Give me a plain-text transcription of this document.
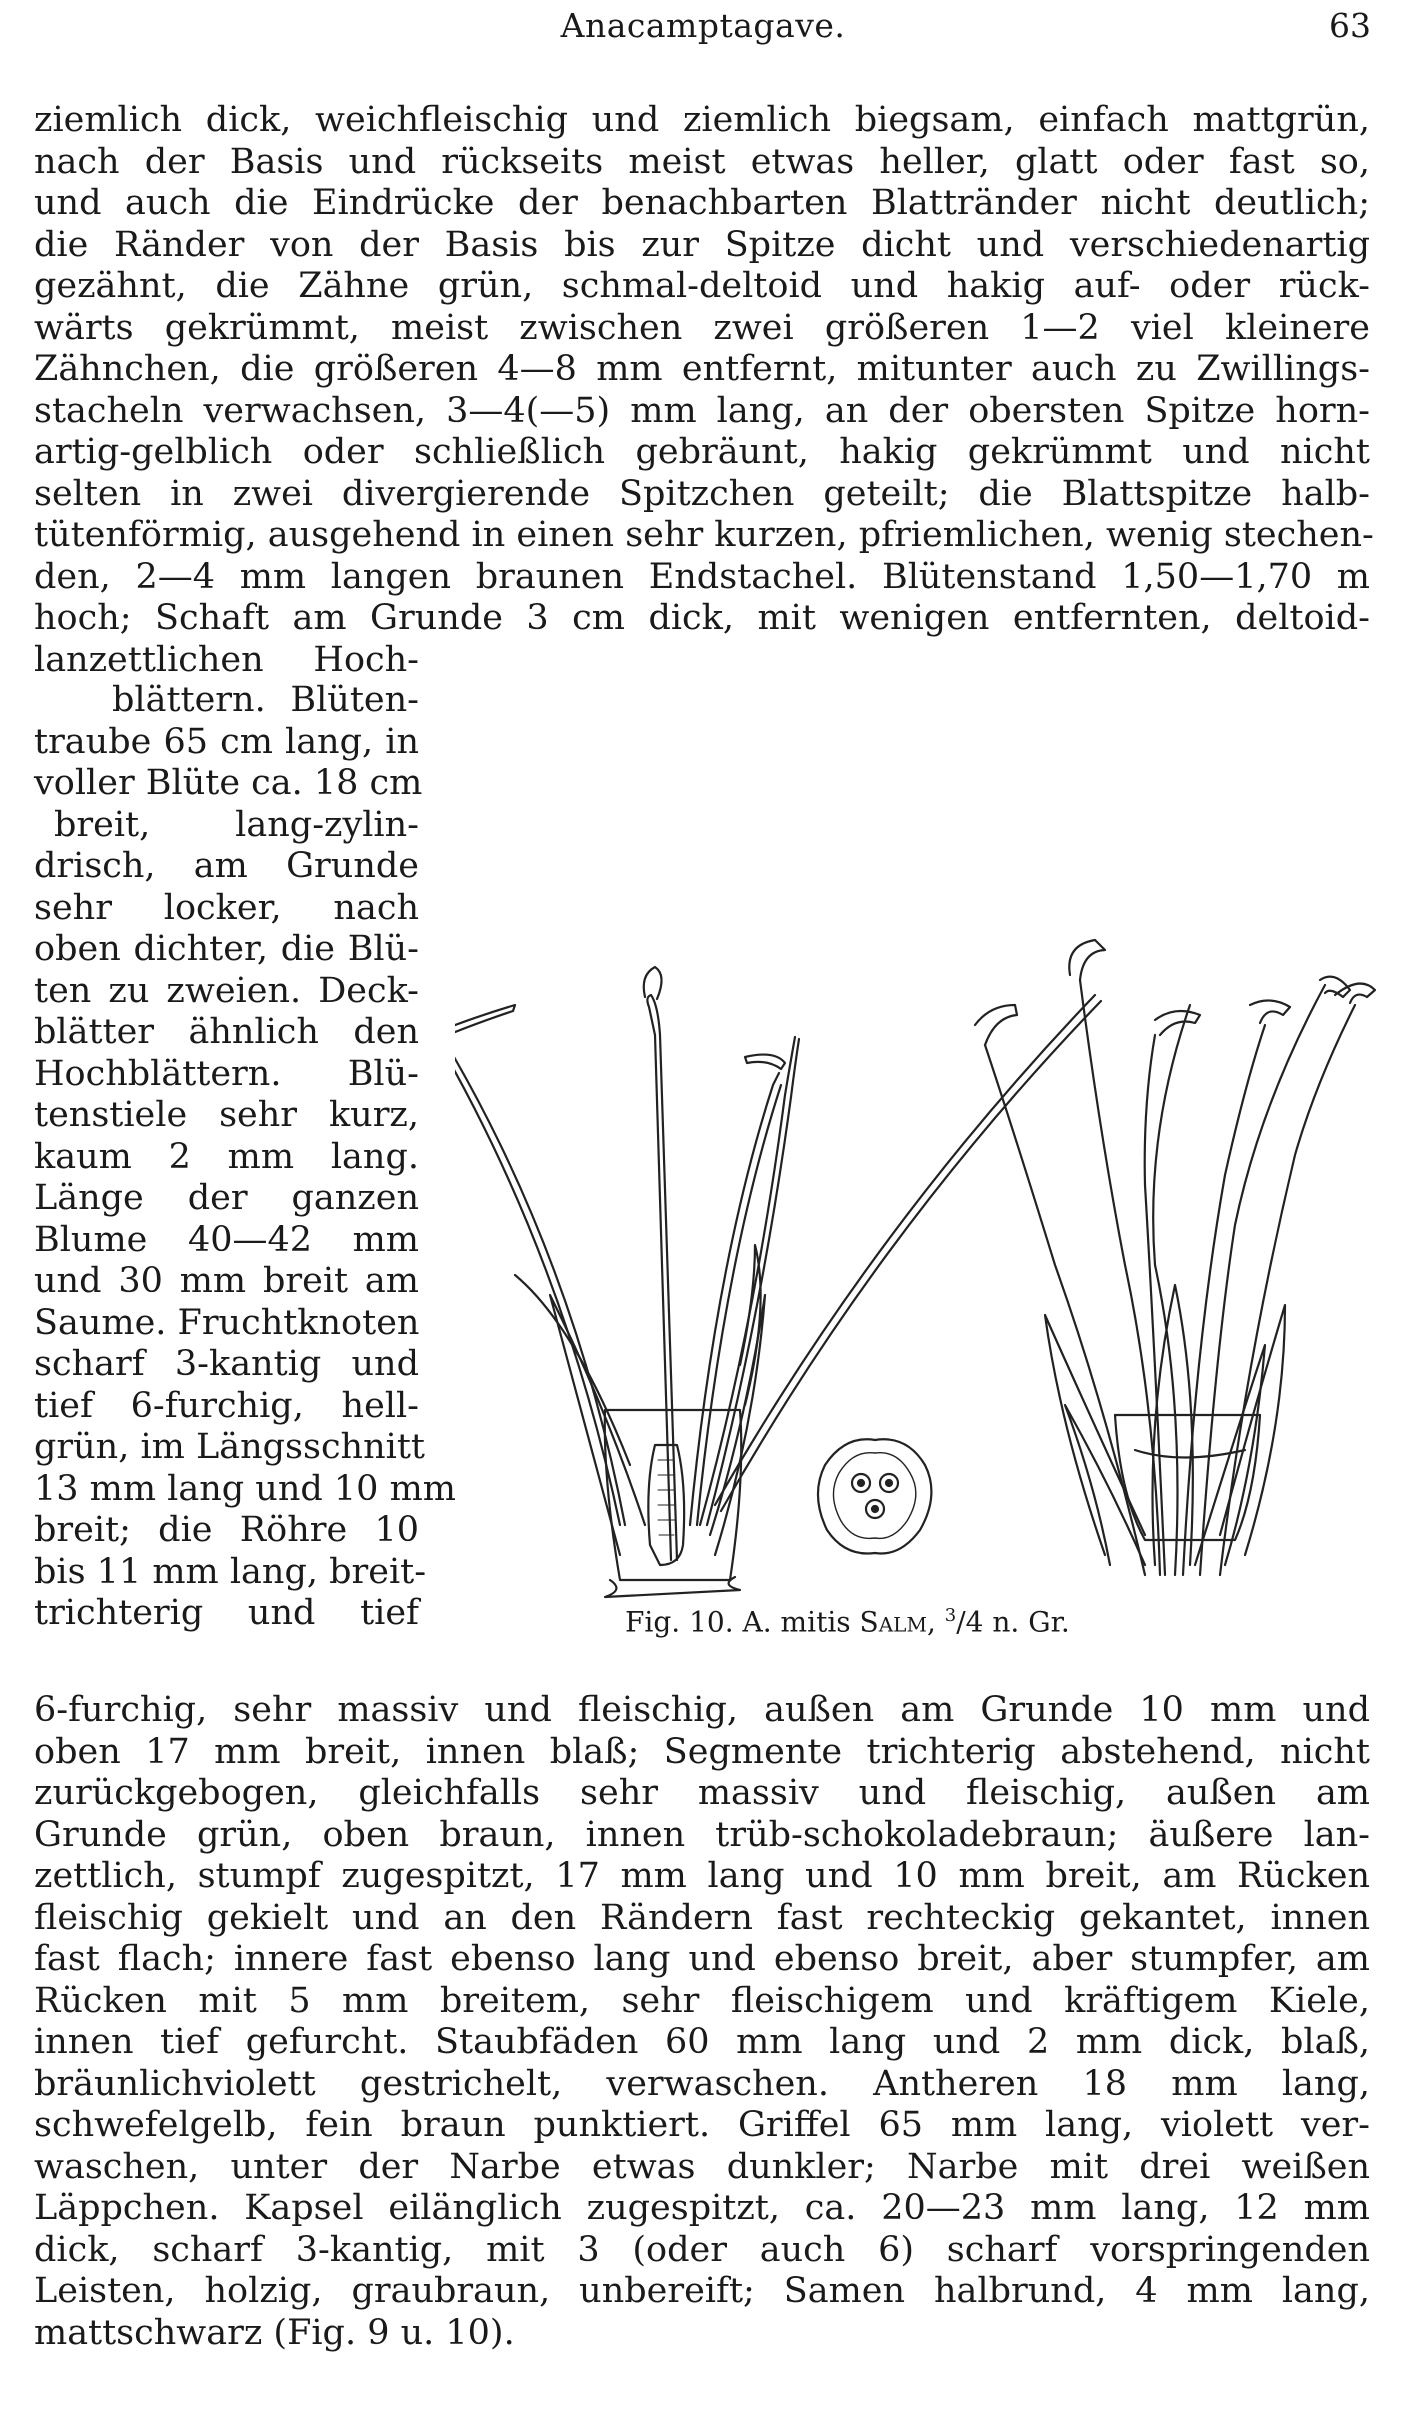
Anacamptagave.	63
ziemlich dick, weichfleischig und ziemlich biegsam, einfach mattgrün,
nach der Basis und rückseits meist etwas heller, glatt oder fast so,
und auch die Eindrücke der benachbarten Blattränder nicht deutlich;
die Ränder von der Basis bis zur Spitze dicht und verschiedenartig
gezähnt, die Zähne grün, schmal-deltoid und hakig auf- oder rück-
wärts gekrümmt, meist zwischen zwei größeren 1—2 viel kleinere
Zähnchen, die größeren 4—8 mm entfernt, mitunter auch zu Zwillings-
stacheln verwachsen, 3—4(—5) mm lang, an der obersten Spitze horn-
artig-gelblich oder schließlich gebräunt, hakig gekrümmt und nicht
selten in zwei divergierende Spitzchen geteilt; die Blattspitze halb-
tütenförmig, ausgehend in einen sehr kurzen, pfriemlichen, wenig stechen-
den, 2—4 mm langen braunen Endstachel. Blütenstand 1,50—1,70 m
hoch; Schaft am Grunde 3 cm dick, mit wenigen entfernten, deltoid-
lanzettlichen Hoch-
blättern. Blüten-
traube 65 cm lang, in
voller Blüte ca. 18 cm
breit, lang-zylin-
drisch, am Grunde
sehr locker, nach
oben dichter, die Blü-
ten zu zweien. Deck-
blätter ähnlich den
Hochblättern. Blü-
tenstiele sehr kurz,
kaum 2 mm lang.
Länge der ganzen
Blume 40—42 mm
und 30 mm breit am
Saume. Fruchtknoten
scharf 3-kantig und
tief 6-furchig, hell-
grün, im Längsschnitt
13 mm lang und 10 mm
breit; die Röhre 10
bis 11 mm lang, breit-
trichterig und tief	Fig. 10. A. mitis Salm, $^3$/4 n. Gr.
6-furchig, sehr massiv und fleischig, außen am Grunde 10 mm und
oben 17 mm breit, innen blaß; Segmente trichterig abstehend, nicht
zurückgebogen, gleichfalls sehr massiv und fleischig, außen am
Grunde grün, oben braun, innen trüb-schokoladebraun; äußere lan-
zettlich, stumpf zugespitzt, 17 mm lang und 10 mm breit, am Rücken
fleischig gekielt und an den Rändern fast rechteckig gekantet, innen
fast flach; innere fast ebenso lang und ebenso breit, aber stumpfer, am
Rücken mit 5 mm breitem, sehr fleischigem und kräftigem Kiele,
innen tief gefurcht. Staubfäden 60 mm lang und 2 mm dick, blaß,
bräunlichviolett gestrichelt, verwaschen. Antheren 18 mm lang,
schwefelgelb, fein braun punktiert. Griffel 65 mm lang, violett ver-
waschen, unter der Narbe etwas dunkler; Narbe mit drei weißen
Läppchen. Kapsel eilänglich zugespitzt, ca. 20—23 mm lang, 12 mm
dick, scharf 3-kantig, mit 3 (oder auch 6) scharf vorspringenden
Leisten, holzig, graubraun, unbereift; Samen halbrund, 4 mm lang,
mattschwarz (Fig. 9 u. 10).
